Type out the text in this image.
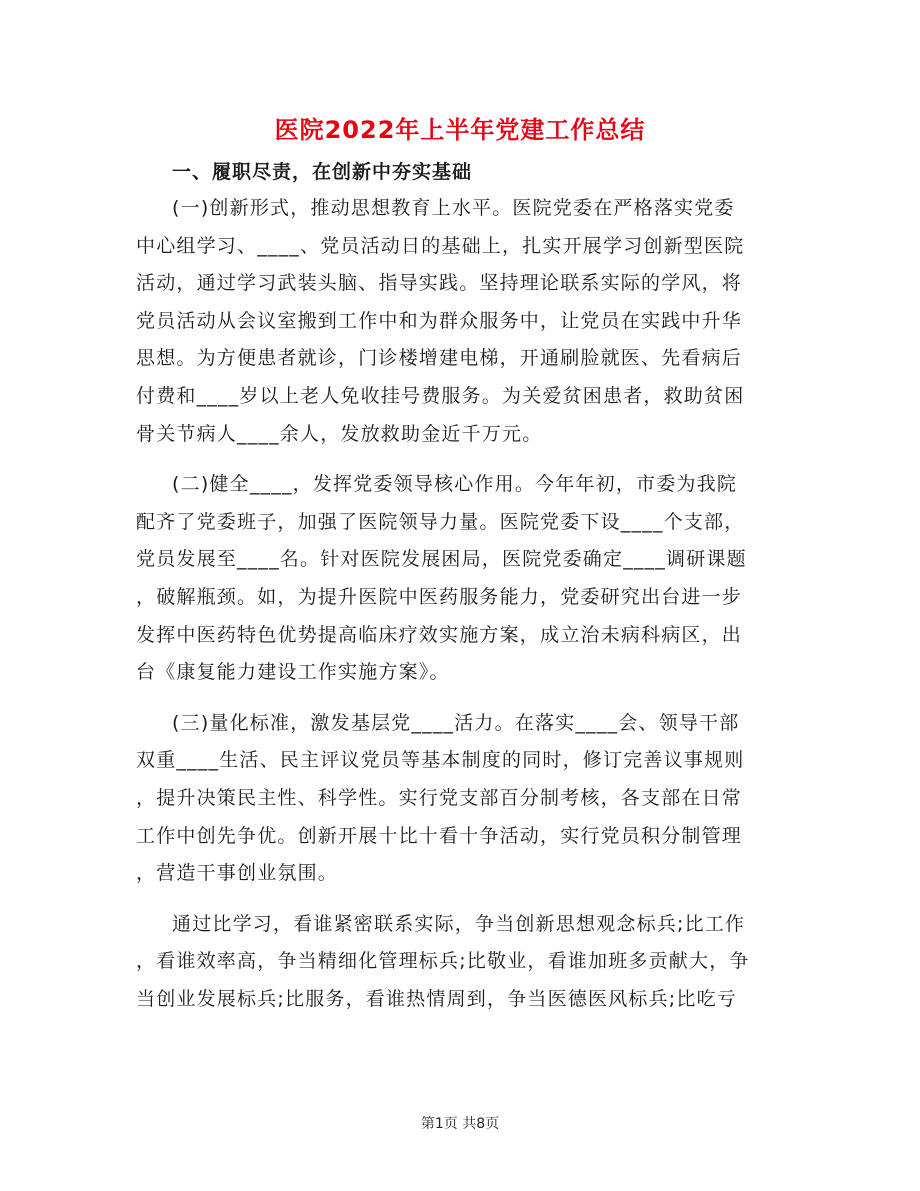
医院2022年上半年党建工作总结
一、履职尽责，在创新中夯实基础
(一)创新形式，推动思想教育上水平。医院党委在严格落实党委
中心组学习、____、党员活动日的基础上，扎实开展学习创新型医院
活动，通过学习武装头脑、指导实践。坚持理论联系实际的学风，将
党员活动从会议室搬到工作中和为群众服务中，让党员在实践中升华
思想。为方便患者就诊，门诊楼增建电梯，开通刷脸就医、先看病后
付费和____岁以上老人免收挂号费服务。为关爱贫困患者，救助贫困
骨关节病人____余人，发放救助金近千万元。
(二)健全____，发挥党委领导核心作用。今年年初，市委为我院
配齐了党委班子，加强了医院领导力量。医院党委下设____个支部，
党员发展至____名。针对医院发展困局，医院党委确定____调研课题
，破解瓶颈。如，为提升医院中医药服务能力，党委研究出台进一步
发挥中医药特色优势提高临床疗效实施方案，成立治未病科病区，出
台《康复能力建设工作实施方案》。
(三)量化标准，激发基层党____活力。在落实____会、领导干部
双重____生活、民主评议党员等基本制度的同时，修订完善议事规则
，提升决策民主性、科学性。实行党支部百分制考核，各支部在日常
工作中创先争优。创新开展十比十看十争活动，实行党员积分制管理
，营造干事创业氛围。
通过比学习，看谁紧密联系实际，争当创新思想观念标兵;比工作
，看谁效率高，争当精细化管理标兵;比敬业，看谁加班多贡献大，争
当创业发展标兵;比服务，看谁热情周到，争当医德医风标兵;比吃亏

第1页 共8页
